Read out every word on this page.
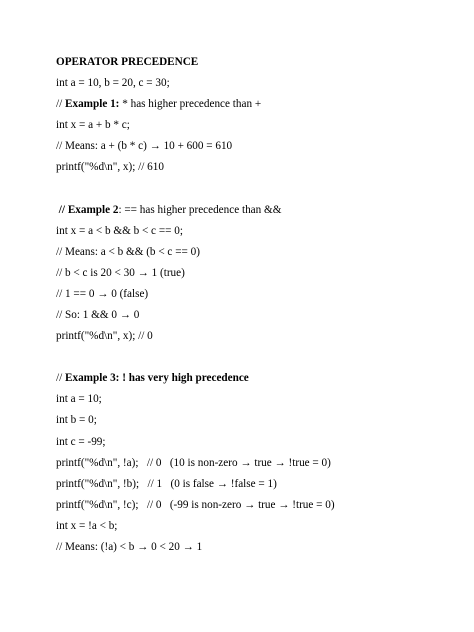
OPERATOR PRECEDENCE
int a = 10, b = 20, c = 30;
// Example 1: * has higher precedence than +
int x = a + b * c;
// Means: a + (b * c) → 10 + 600 = 610
printf("%d\n", x); // 610
// Example 2: == has higher precedence than &&
int x = a < b && b < c == 0;
// Means: a < b && (b < c == 0)
// b < c is 20 < 30 → 1 (true)
// 1 == 0 → 0 (false)
// So: 1 && 0 → 0
printf("%d\n", x); // 0
// Example 3: ! has very high precedence
int a = 10;
int b = 0;
int c = -99;
printf("%d\n", !a);   // 0   (10 is non-zero → true → !true = 0)
printf("%d\n", !b);   // 1   (0 is false → !false = 1)
printf("%d\n", !c);   // 0   (-99 is non-zero → true → !true = 0)
int x = !a < b;
// Means: (!a) < b → 0 < 20 → 1
